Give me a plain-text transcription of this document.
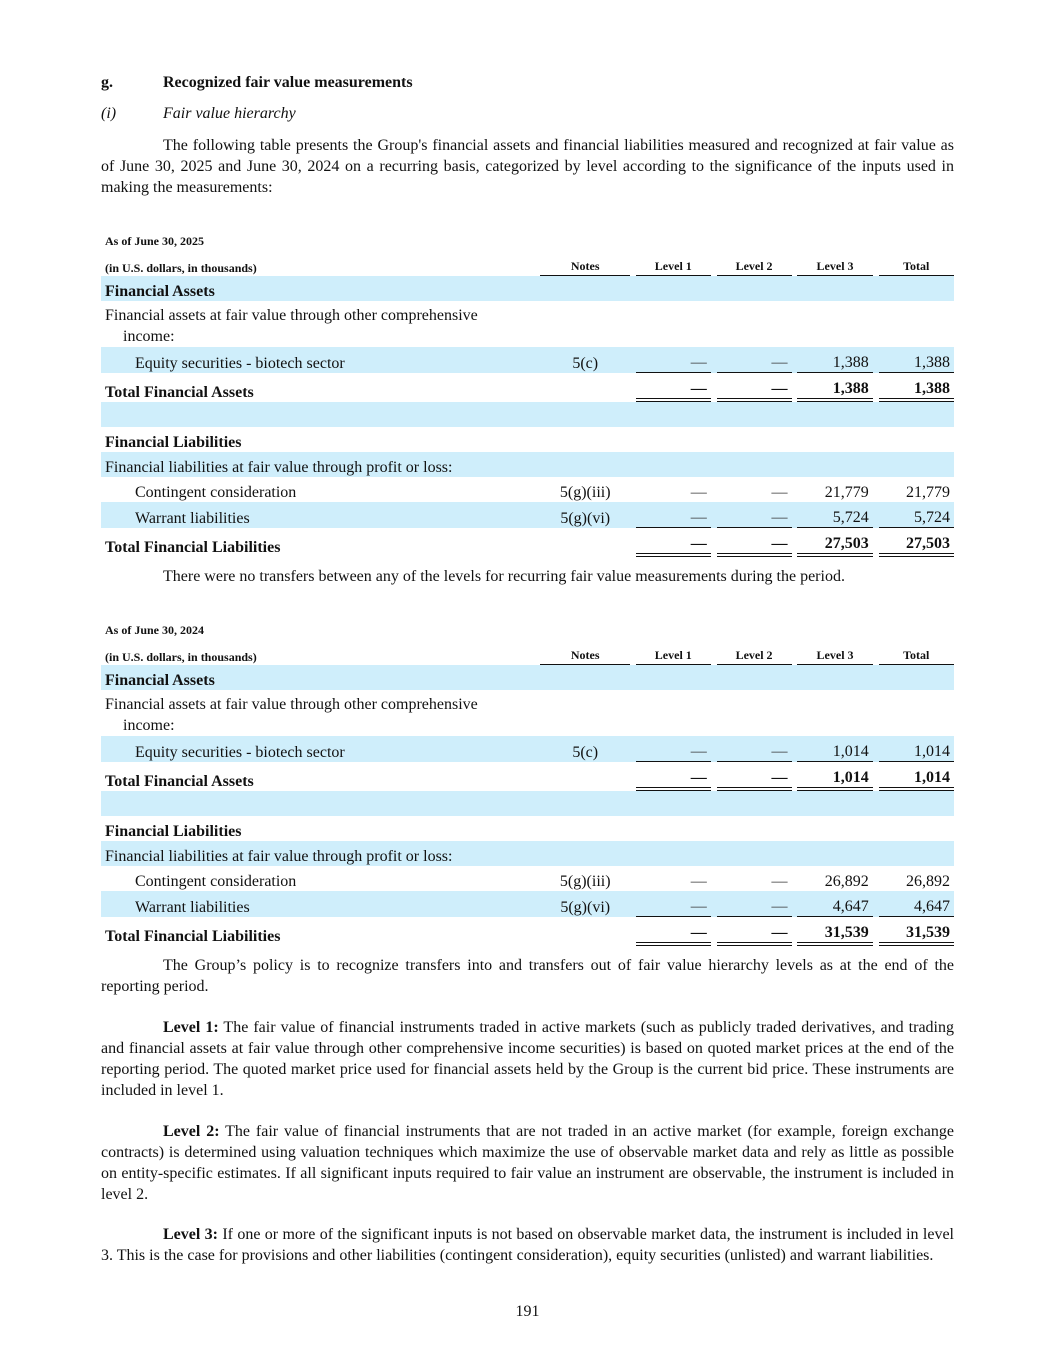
g.	Recognized fair value measurements
(i)	Fair value hierarchy
The following table presents the Group's financial assets and financial liabilities measured and recognized at fair value as of June 30, 2025 and June 30, 2024 on a recurring basis, categorized by level according to the significance of the inputs used in making the measurements:
As of June 30, 2025									
(in U.S. dollars, in thousands)	Notes		Level 1		Level 2		Level 3		Total
Financial Assets									
Financial assets at fair value through other comprehensive
income:									
Equity securities - biotech sector	5(c)		—		—		1,388		1,388
Total Financial Assets			—		—		1,388		1,388

Financial Liabilities									
Financial liabilities at fair value through profit or loss:									
Contingent consideration	5(g)(iii)		—		—		21,779		21,779
Warrant liabilities	5(g)(vi)		—		—		5,724		5,724
Total Financial Liabilities			—		—		27,503		27,503
There were no transfers between any of the levels for recurring fair value measurements during the period.
As of June 30, 2024									
(in U.S. dollars, in thousands)	Notes		Level 1		Level 2		Level 3		Total
Financial Assets									
Financial assets at fair value through other comprehensive
income:									
Equity securities - biotech sector	5(c)		—		—		1,014		1,014
Total Financial Assets			—		—		1,014		1,014

Financial Liabilities									
Financial liabilities at fair value through profit or loss:									
Contingent consideration	5(g)(iii)		—		—		26,892		26,892
Warrant liabilities	5(g)(vi)		—		—		4,647		4,647
Total Financial Liabilities			—		—		31,539		31,539
The Group’s policy is to recognize transfers into and transfers out of fair value hierarchy levels as at the end of the reporting period.
Level 1: The fair value of financial instruments traded in active markets (such as publicly traded derivatives, and trading and financial assets at fair value through other comprehensive income securities) is based on quoted market prices at the end of the reporting period. The quoted market price used for financial assets held by the Group is the current bid price. These instruments are included in level 1.
Level 2: The fair value of financial instruments that are not traded in an active market (for example, foreign exchange contracts) is determined using valuation techniques which maximize the use of observable market data and rely as little as possible on entity-specific estimates. If all significant inputs required to fair value an instrument are observable, the instrument is included in level 2.
Level 3: If one or more of the significant inputs is not based on observable market data, the instrument is included in level 3. This is the case for provisions and other liabilities (contingent consideration), equity securities (unlisted) and warrant liabilities.
191
